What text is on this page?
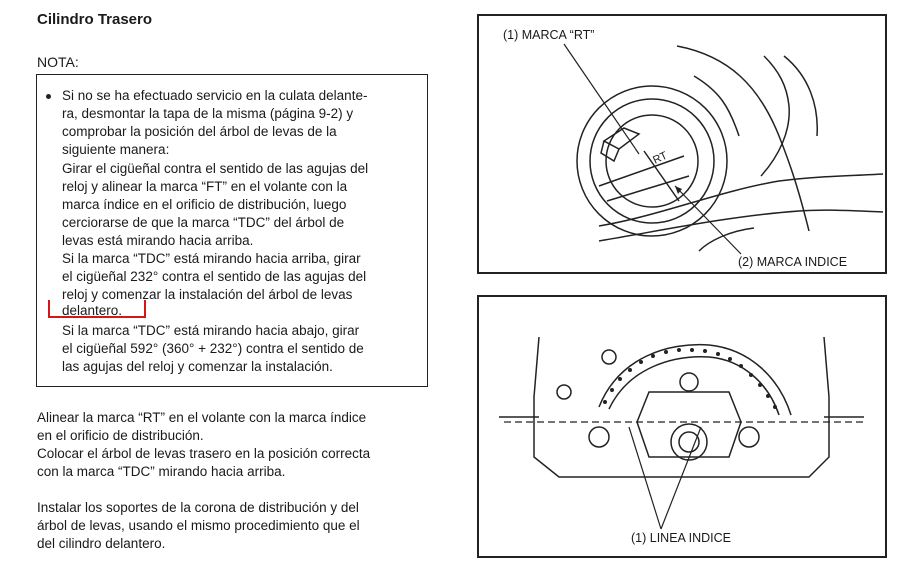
Cilindro Trasero
NOTA:
Si no se ha efectuado servicio en la culata delante-
ra, desmontar la tapa de la misma (página 9-2) y
comprobar la posición del árbol de levas de la
siguiente manera:
Girar el cigüeñal contra el sentido de las agujas del
reloj y alinear la marca “FT” en el volante con la
marca índice en el orificio de distribución, luego
cerciorarse de que la marca “TDC” del árbol de
levas está mirando hacia arriba.
Si la marca “TDC” está mirando hacia arriba, girar
el cigüeñal 232° contra el sentido de las agujas del
reloj y comenzar la instalación del árbol de levas
delantero.
Si la marca “TDC” está mirando hacia abajo, girar
el cigüeñal 592° (360° + 232°) contra el sentido de
las agujas del reloj y comenzar la instalación.
Alinear la marca “RT” en el volante con la marca índice
en el orificio de distribución.
Colocar el árbol de levas trasero en la posición correcta
con la marca “TDC” mirando hacia arriba.
Instalar los soportes de la corona de distribución y del
árbol de levas, usando el mismo procedimiento que el
del cilindro delantero.
RT
(1) MARCA “RT”
(2) MARCA INDICE
(1) LINEA INDICE
